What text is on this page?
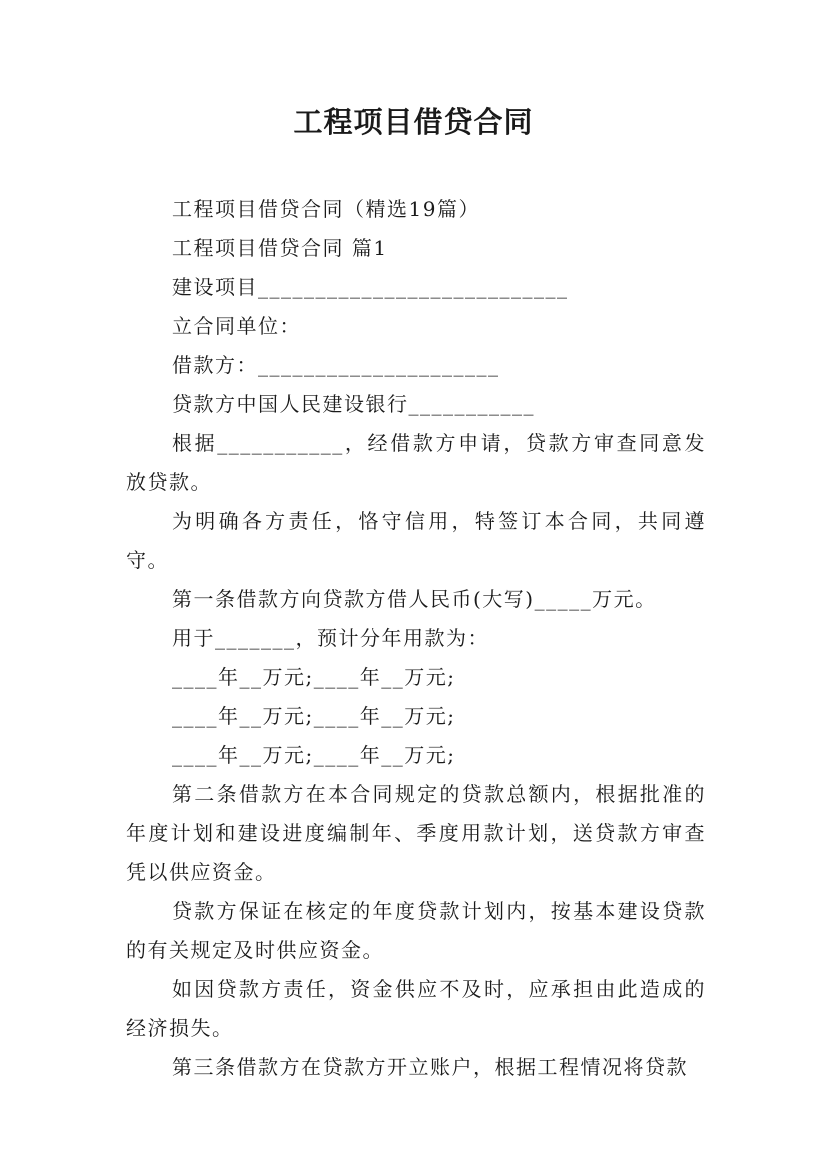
工程项目借贷合同

工程项目借贷合同（精选19篇）

工程项目借贷合同 篇1

建设项目___________________________

立合同单位：

借款方：_____________________

贷款方中国人民建设银行___________

根据___________，经借款方申请，贷款方审查同意发放贷款。

为明确各方责任，恪守信用，特签订本合同，共同遵守。

第一条借款方向贷款方借人民币(大写)_____万元。

用于_______，预计分年用款为：

____年__万元;____年__万元;

____年__万元;____年__万元;

____年__万元;____年__万元;

第二条借款方在本合同规定的贷款总额内，根据批准的年度计划和建设进度编制年、季度用款计划，送贷款方审查凭以供应资金。

贷款方保证在核定的年度贷款计划内，按基本建设贷款的有关规定及时供应资金。

如因贷款方责任，资金供应不及时，应承担由此造成的经济损失。

第三条借款方在贷款方开立账户，根据工程情况将贷款
